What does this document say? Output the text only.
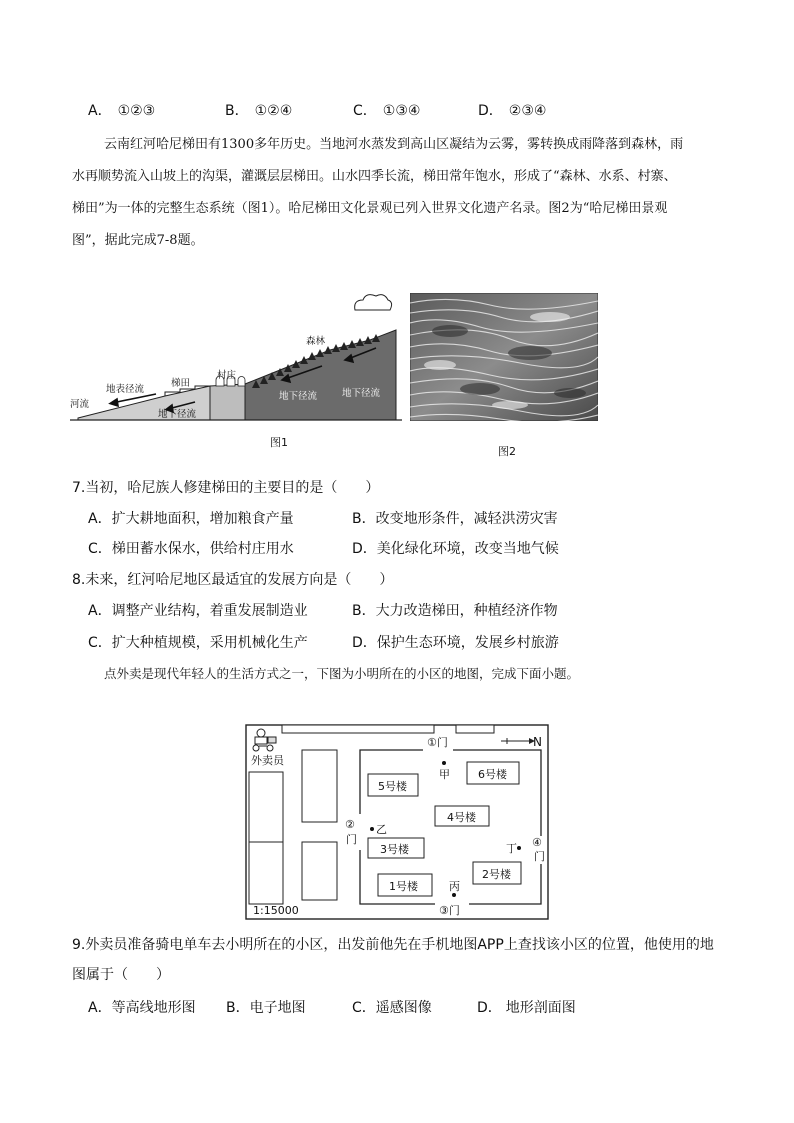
A． ①②③	B． ①②④	C． ①③④	D． ②③④
云南红河哈尼梯田有1300多年历史。当地河水蒸发到高山区凝结为云雾，雾转换成雨降落到森林，雨
水再顺势流入山坡上的沟渠，灌溉层层梯田。山水四季长流，梯田常年饱水，形成了“森林、水系、村寨、
梯田”为一体的完整生态系统（图1）。哈尼梯田文化景观已列入世界文化遗产名录。图2为“哈尼梯田景观
图”，据此完成7-8题。
河流
地表径流
梯田
村庄
森林
地下径流
地下径流	地下径流
图1
图2
7.当初，哈尼族人修建梯田的主要目的是（　　）
A．扩大耕地面积，增加粮食产量	B．改变地形条件，减轻洪涝灾害
C．梯田蓄水保水，供给村庄用水	D．美化绿化环境，改变当地气候
8.未来，红河哈尼地区最适宜的发展方向是（　　）
A．调整产业结构，着重发展制造业	B．大力改造梯田，种植经济作物
C．扩大种植规模，采用机械化生产	D．保护生态环境，发展乡村旅游
点外卖是现代年轻人的生活方式之一，下图为小明所在的小区的地图，完成下面小题。
外卖员
N
①门
②
门
③门
④
门
5号楼
6号楼
4号楼
3号楼
2号楼
1号楼
甲
乙
丙
丁
1:15000
9.外卖员准备骑电单车去小明所在的小区，出发前他先在手机地图APP上查找该小区的位置，他使用的地
图属于（　　）
A．等高线地形图 B．电子地图	C．遥感图像	D． 地形剖面图
